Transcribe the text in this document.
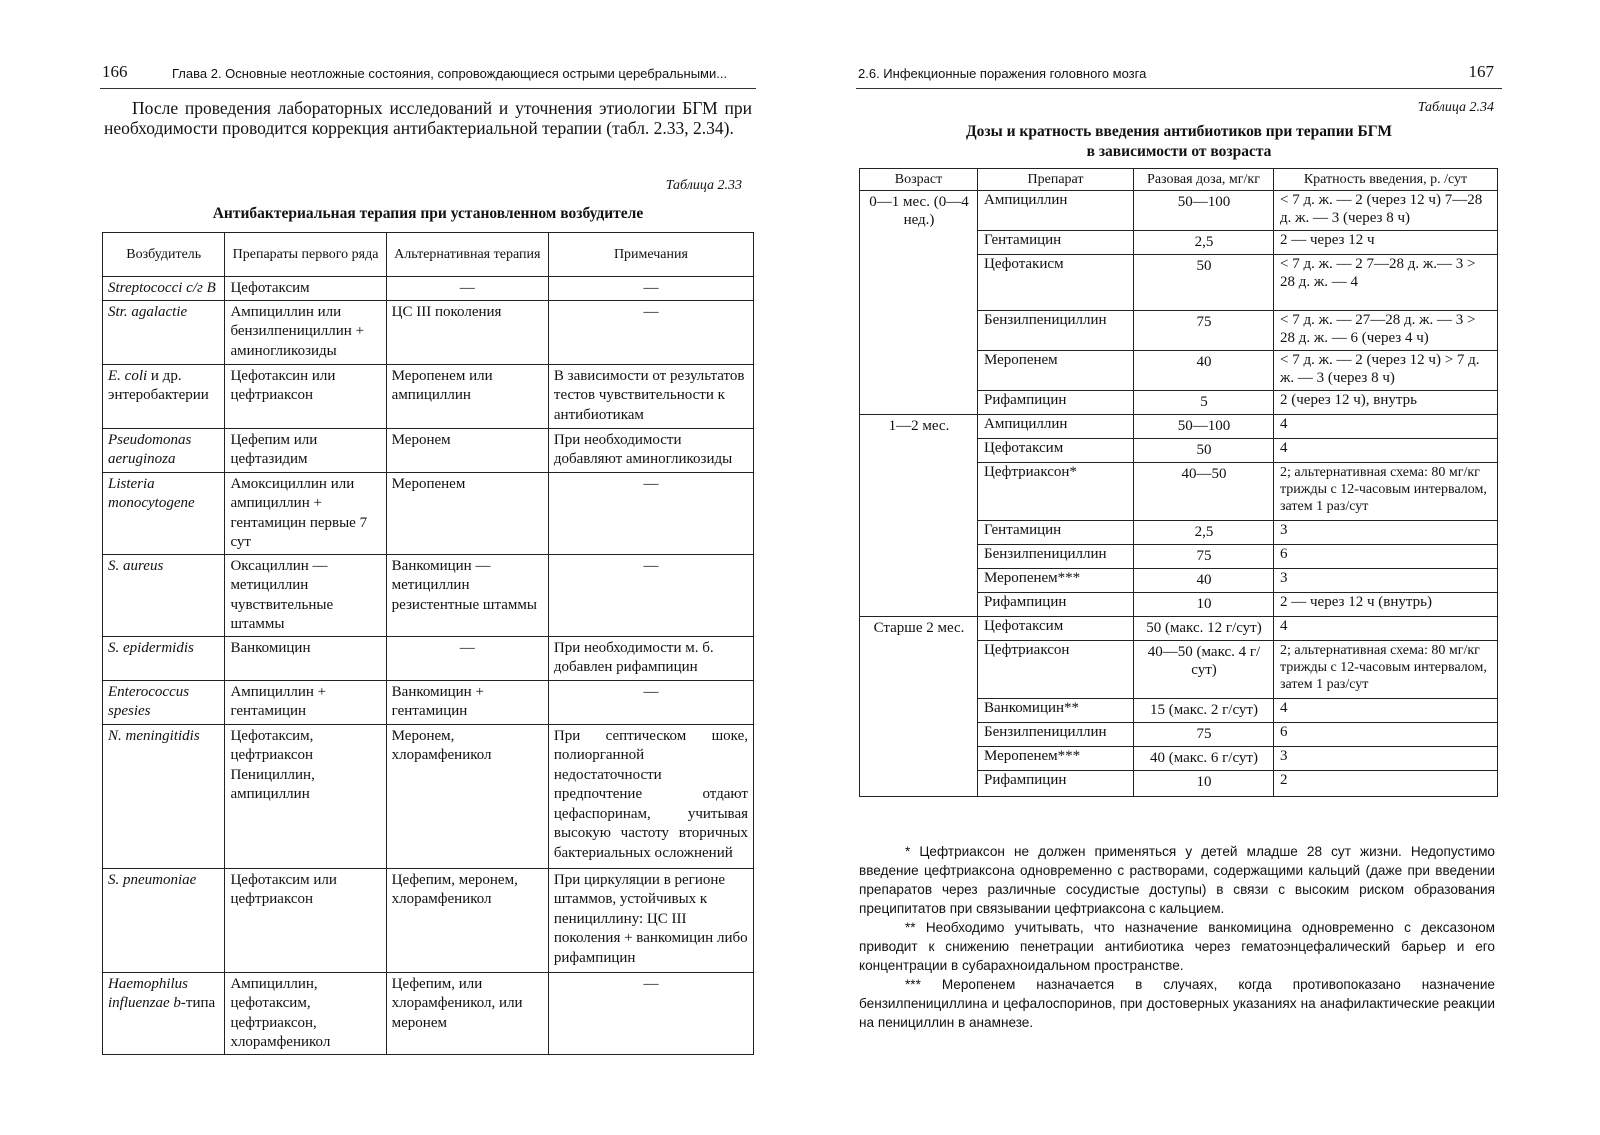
166	Глава 2. Основные неотложные состояния, сопровождающиеся острыми церебральными...

После проведения лабораторных исследований и уточнения этиологии БГМ при необходимости проводится коррекция антибактериальной терапии (табл. 2.33, 2.34).

Таблица 2.33
Антибактериальная терапия при установленном возбудителе
Возбудитель	Препараты первого ряда	Альтернативная терапия	Примечания
Streptococci с/г B	Цефотаксим	—	—
Str. agalactie	Ампициллин или бензилпенициллин + аминогликозиды	ЦС III поколения	—
E. coli и др. энтеробактерии	Цефотаксин или цефтриаксон	Меропенем или ампициллин	В зависимости от результатов тестов чувствительности к антибиотикам
Pseudomonas aeruginoza	Цефепим или цефтазидим	Меронем	При необходимости добавляют аминогликозиды
Listeria monocytogene	Амоксициллин или ампициллин + гентамицин первые 7 сут	Меропенем	—
S. aureus	Оксациллин — метициллин чувствительные штаммы	Ванкомицин — метициллин резистентные штаммы	—
S. epidermidis	Ванкомицин	—	При необходимости м. б. добавлен рифампицин
Enterococcus spesies	Ампициллин + гентамицин	Ванкомицин + гентамицин	—
N. meningitidis	Цефотаксим, цефтриаксон Пенициллин, ампициллин	Меронем, хлорамфеникол	При септическом шоке, полиорганной недостаточности предпочтение отдают цефаспоринам, учитывая высокую частоту вторичных бактериальных осложнений
S. pneumoniae	Цефотаксим или цефтриаксон	Цефепим, меронем, хлорамфеникол	При циркуляции в регионе штаммов, устойчивых к пенициллину: ЦС III поколения + ванкомицин либо рифампицин
Haemophilus influenzae b-типа	Ампициллин, цефотаксим, цефтриаксон, хлорамфеникол	Цефепим, или хлорамфеникол, или меронем	—
2.6. Инфекционные поражения головного мозга	167
Таблица 2.34
Дозы и кратность введения антибиотиков при терапии БГМ
в зависимости от возраста
Возраст	Препарат	Разовая доза, мг/кг	Кратность введения, р. /сут
0—1 мес. (0—4 нед.)	Ампициллин	50—100	< 7 д. ж. — 2 (через 12 ч) 7—28 д. ж. — 3 (через 8 ч)
	Гентамицин	2,5	2 — через 12 ч
	Цефотакисм	50	< 7 д. ж. — 2 7—28 д. ж.— 3 > 28 д. ж. — 4
	Бензилпенициллин	75	< 7 д. ж. — 27—28 д. ж. — 3 > 28 д. ж. — 6 (через 4 ч)
	Меропенем	40	< 7 д. ж. — 2 (через 12 ч) > 7 д. ж. — 3 (через 8 ч)
	Рифампицин	5	2 (через 12 ч), внутрь
1—2 мес.	Ампициллин	50—100	4
	Цефотаксим	50	4
	Цефтриаксон*	40—50	2; альтернативная схема: 80 мг/кг трижды с 12-часовым интервалом, затем 1 раз/сут
	Гентамицин	2,5	3
	Бензилпенициллин	75	6
	Меропенем***	40	3
	Рифампицин	10	2 — через 12 ч (внутрь)
Старше 2 мес.	Цефотаксим	50 (макс. 12 г/сут)	4
	Цефтриаксон	40—50 (макс. 4 г/сут)	2; альтернативная схема: 80 мг/кг трижды с 12-часовым интервалом, затем 1 раз/сут
	Ванкомицин**	15 (макс. 2 г/сут)	4
	Бензилпенициллин	75	6
	Меропенем***	40 (макс. 6 г/сут)	3
	Рифампицин	10	2

* Цефтриаксон не должен применяться у детей младше 28 сут жизни. Недопустимо введение цефтриаксона одновременно с растворами, содержащими кальций (даже при введении препаратов через различные сосудистые доступы) в связи с высоким риском образования преципитатов при связывании цефтриаксона с кальцием.

** Необходимо учитывать, что назначение ванкомицина одновременно с дексазоном приводит к снижению пенетрации антибиотика через гематоэнцефалический барьер и его концентрации в субарахноидальном пространстве.

*** Меропенем назначается в случаях, когда противопоказано назначение бензилпенициллина и цефалоспоринов, при достоверных указаниях на анафилактические реакции на пенициллин в анамнезе.
